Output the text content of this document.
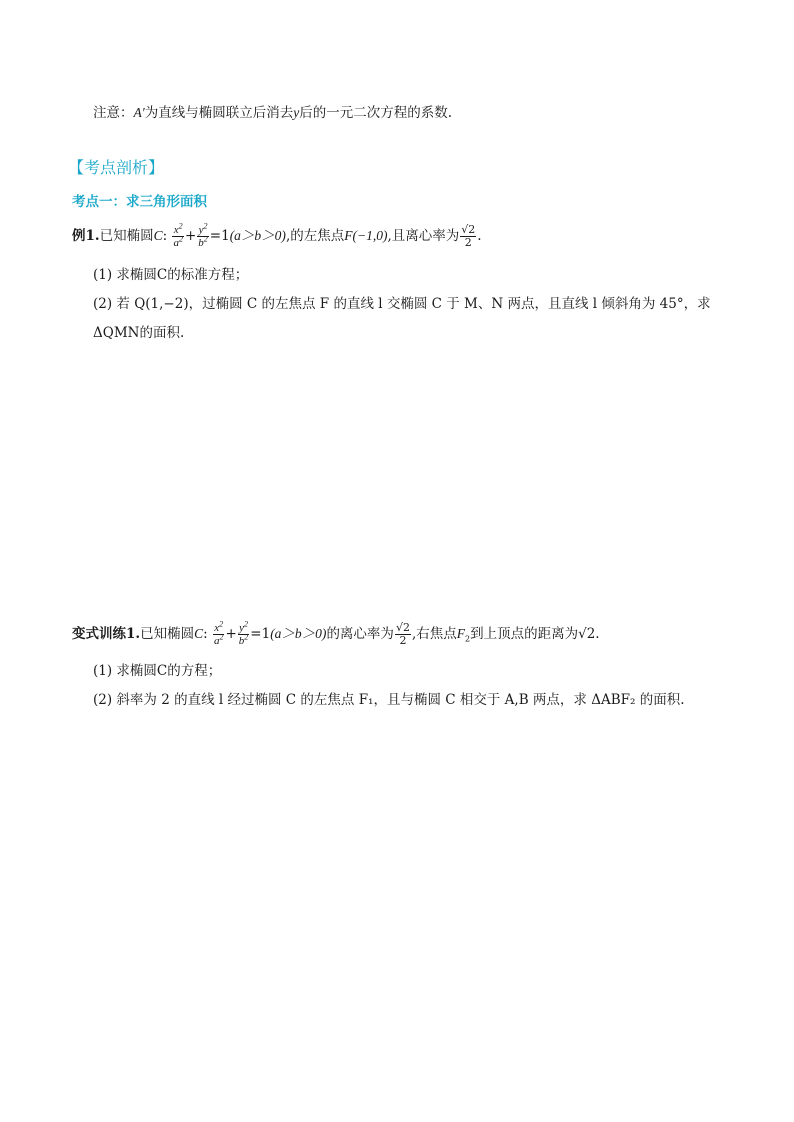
注意：A′为直线与椭圆联立后消去y后的一元二次方程的系数.
【考点剖析】
考点一：求三角形面积
例1.已知椭圆C: $\frac{x^2}{a^2} + \frac{y^2}{b^2} =1(a>b>0)$,的左焦点F(−1,0),且离心率为 $\frac{√2}{2}$ .
(1) 求椭圆C的标准方程；
(2) 若 Q(1,−2)，过椭圆 C 的左焦点 F 的直线 l 交椭圆 C 于 M、N 两点，且直线 l 倾斜角为 45°，求
ΔQMN的面积.
变式训练1.已知椭圆C: $\frac{x^2}{a^2} + \frac{y^2}{b^2} =1(a>b>0)$的离心率为 $\frac{√2}{2}$ ,右焦点$F_2$到上顶点的距离为√2.
(1) 求椭圆C的方程；
(2) 斜率为 2 的直线 l 经过椭圆 C 的左焦点 F₁，且与椭圆 C 相交于 A,B 两点，求 ΔABF₂ 的面积.
